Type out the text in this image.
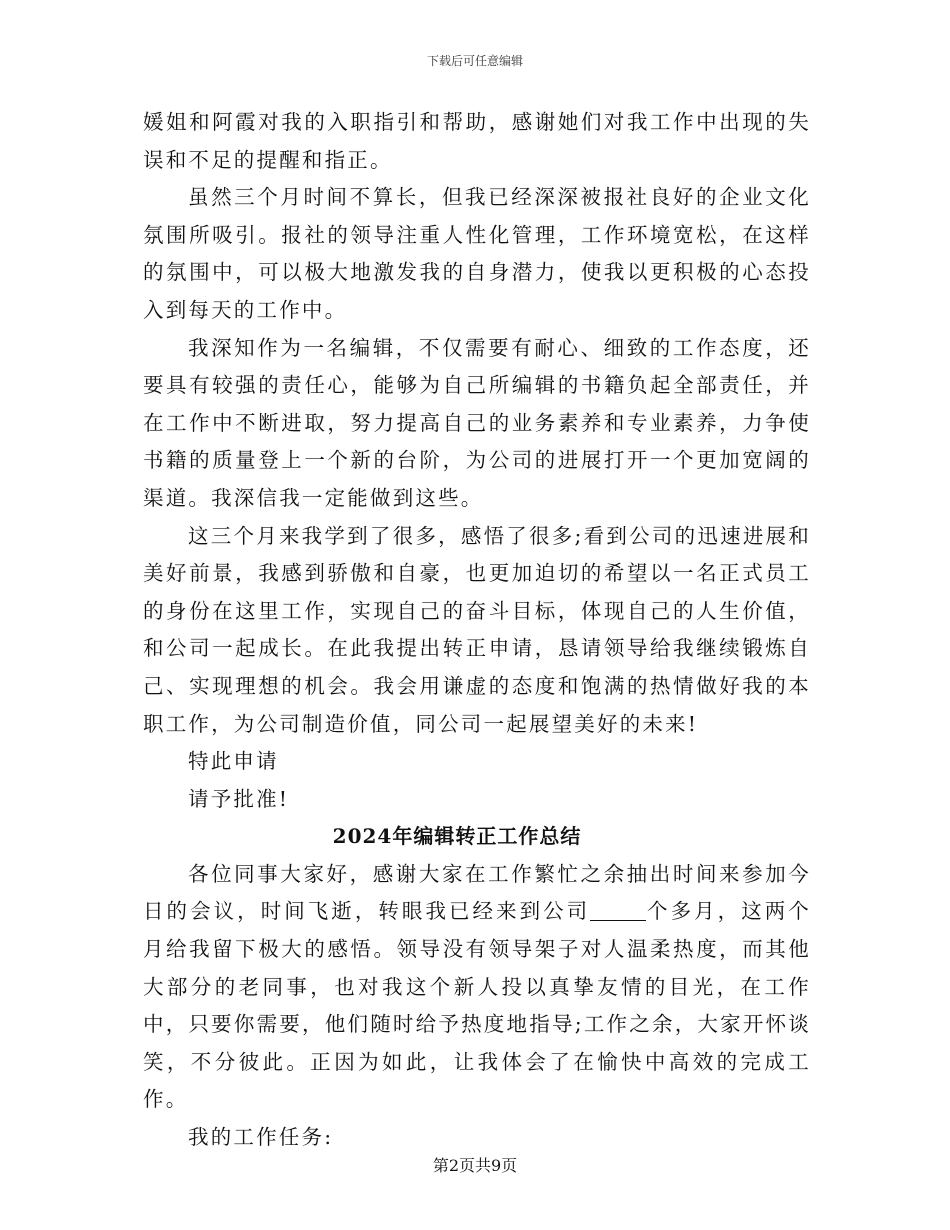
下载后可任意编辑

媛姐和阿霞对我的入职指引和帮助，感谢她们对我工作中出现的失误和不足的提醒和指正。

虽然三个月时间不算长，但我已经深深被报社良好的企业文化氛围所吸引。报社的领导注重人性化管理，工作环境宽松，在这样的氛围中，可以极大地激发我的自身潜力，使我以更积极的心态投入到每天的工作中。

我深知作为一名编辑，不仅需要有耐心、细致的工作态度，还要具有较强的责任心，能够为自己所编辑的书籍负起全部责任，并在工作中不断进取，努力提高自己的业务素养和专业素养，力争使书籍的质量登上一个新的台阶，为公司的进展打开一个更加宽阔的渠道。我深信我一定能做到这些。

这三个月来我学到了很多，感悟了很多;看到公司的迅速进展和美好前景，我感到骄傲和自豪，也更加迫切的希望以一名正式员工的身份在这里工作，实现自己的奋斗目标，体现自己的人生价值，和公司一起成长。在此我提出转正申请，恳请领导给我继续锻炼自己、实现理想的机会。我会用谦虚的态度和饱满的热情做好我的本职工作，为公司制造价值，同公司一起展望美好的未来!

特此申请

请予批准!

2024年编辑转正工作总结

各位同事大家好，感谢大家在工作繁忙之余抽出时间来参加今日的会议，时间飞逝，转眼我已经来到公司	个多月，这两个月给我留下极大的感悟。领导没有领导架子对人温柔热度，而其他大部分的老同事，也对我这个新人投以真挚友情的目光，在工作中，只要你需要，他们随时给予热度地指导;工作之余，大家开怀谈笑，不分彼此。正因为如此，让我体会了在愉快中高效的完成工作。

我的工作任务:

第2页共9页
